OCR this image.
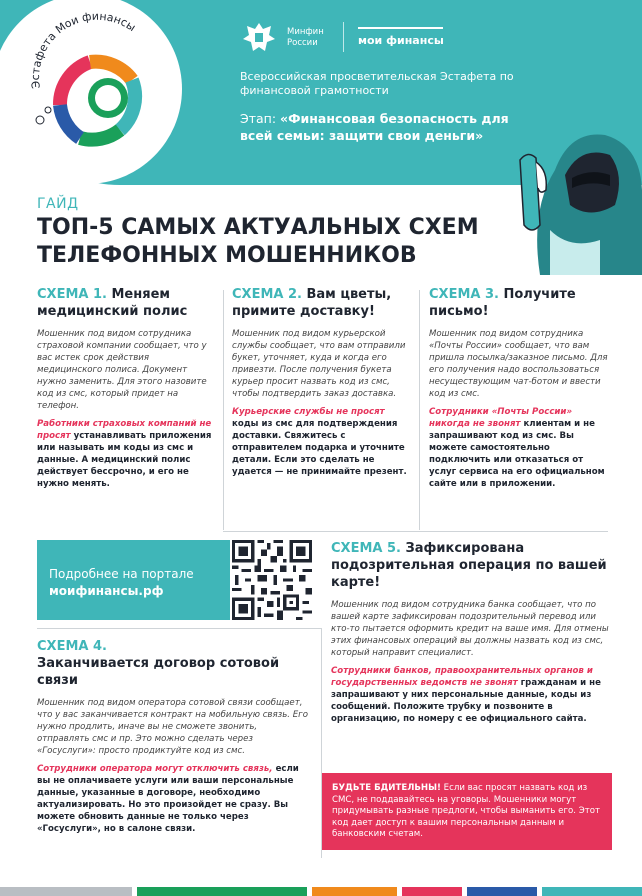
Эстафета Мои финансы	Минфин
России	мои финансы
Всероссийская просветительская Эстафета по финансовой грамотности
Этап: «Финансовая безопасность для всей семьи: защити свои деньги»
ГАЙД
ТОП-5 САМЫХ АКТУАЛЬНЫХ СХЕМ ТЕЛЕФОННЫХ МОШЕННИКОВ
СХЕМА 1. Меняем медицинский полис
Мошенник под видом сотрудника страховой компании сообщает, что у вас истек срок действия медицинского полиса. Документ нужно заменить. Для этого назовите код из смс, который придет на телефон.
Работники страховых компаний не просят устанавливать приложения или называть им коды из смс и данные. А медицинский полис действует бессрочно, и его не нужно менять.
СХЕМА 2. Вам цветы, примите доставку!
Мошенник под видом курьерской службы сообщает, что вам отправили букет, уточняет, куда и когда его привезти. После получения букета курьер просит назвать код из смс, чтобы подтвердить заказ доставка.
Курьерские службы не просят коды из смс для подтверждения доставки. Свяжитесь с отправителем подарка и уточните детали. Если это сделать не удается — не принимайте презент.
СХЕМА 3. Получите письмо!
Мошенник под видом сотрудника «Почты России» сообщает, что вам пришла посылка/заказное письмо. Для его получения надо воспользоваться несуществующим чат-ботом и ввести код из смс.
Сотрудники «Почты России» никогда не звонят клиентам и не запрашивают код из смс. Вы можете самостоятельно подключить или отказаться от услуг сервиса на его официальном сайте или в приложении.
Подробнее на портале
моифинансы.рф
СХЕМА 5. Зафиксирована подозрительная операция по вашей карте!
Мошенник под видом сотрудника банка сообщает, что по вашей карте зафиксирован подозрительный перевод или кто-то пытается оформить кредит на ваше имя. Для отмены этих финансовых операций вы должны назвать код из смс, который направит специалист.
Сотрудники банков, правоохранительных органов и государственных ведомств не звонят гражданам и не запрашивают у них персональные данные, коды из сообщений. Положите трубку и позвоните в организацию, по номеру с ее официального сайта.
СХЕМА 4.
Заканчивается договор сотовой связи
Мошенник под видом оператора сотовой связи сообщает, что у вас заканчивается контракт на мобильную связь. Его нужно продлить, иначе вы не сможете звонить, отправлять смс и пр. Это можно сделать через «Госуслуги»: просто продиктуйте код из смс.
Сотрудники оператора могут отключить связь, если вы не оплачиваете услуги или ваши персональные данные, указанные в договоре, необходимо актуализировать. Но это произойдет не сразу. Вы можете обновить данные не только через «Госуслуги», но в салоне связи.
БУДЬТЕ БДИТЕЛЬНЫ! Если вас просят назвать код из СМС, не поддавайтесь на уговоры. Мошенники могут придумывать разные предлоги, чтобы выманить его. Этот код дает доступ к вашим персональным данным и банковским счетам.
